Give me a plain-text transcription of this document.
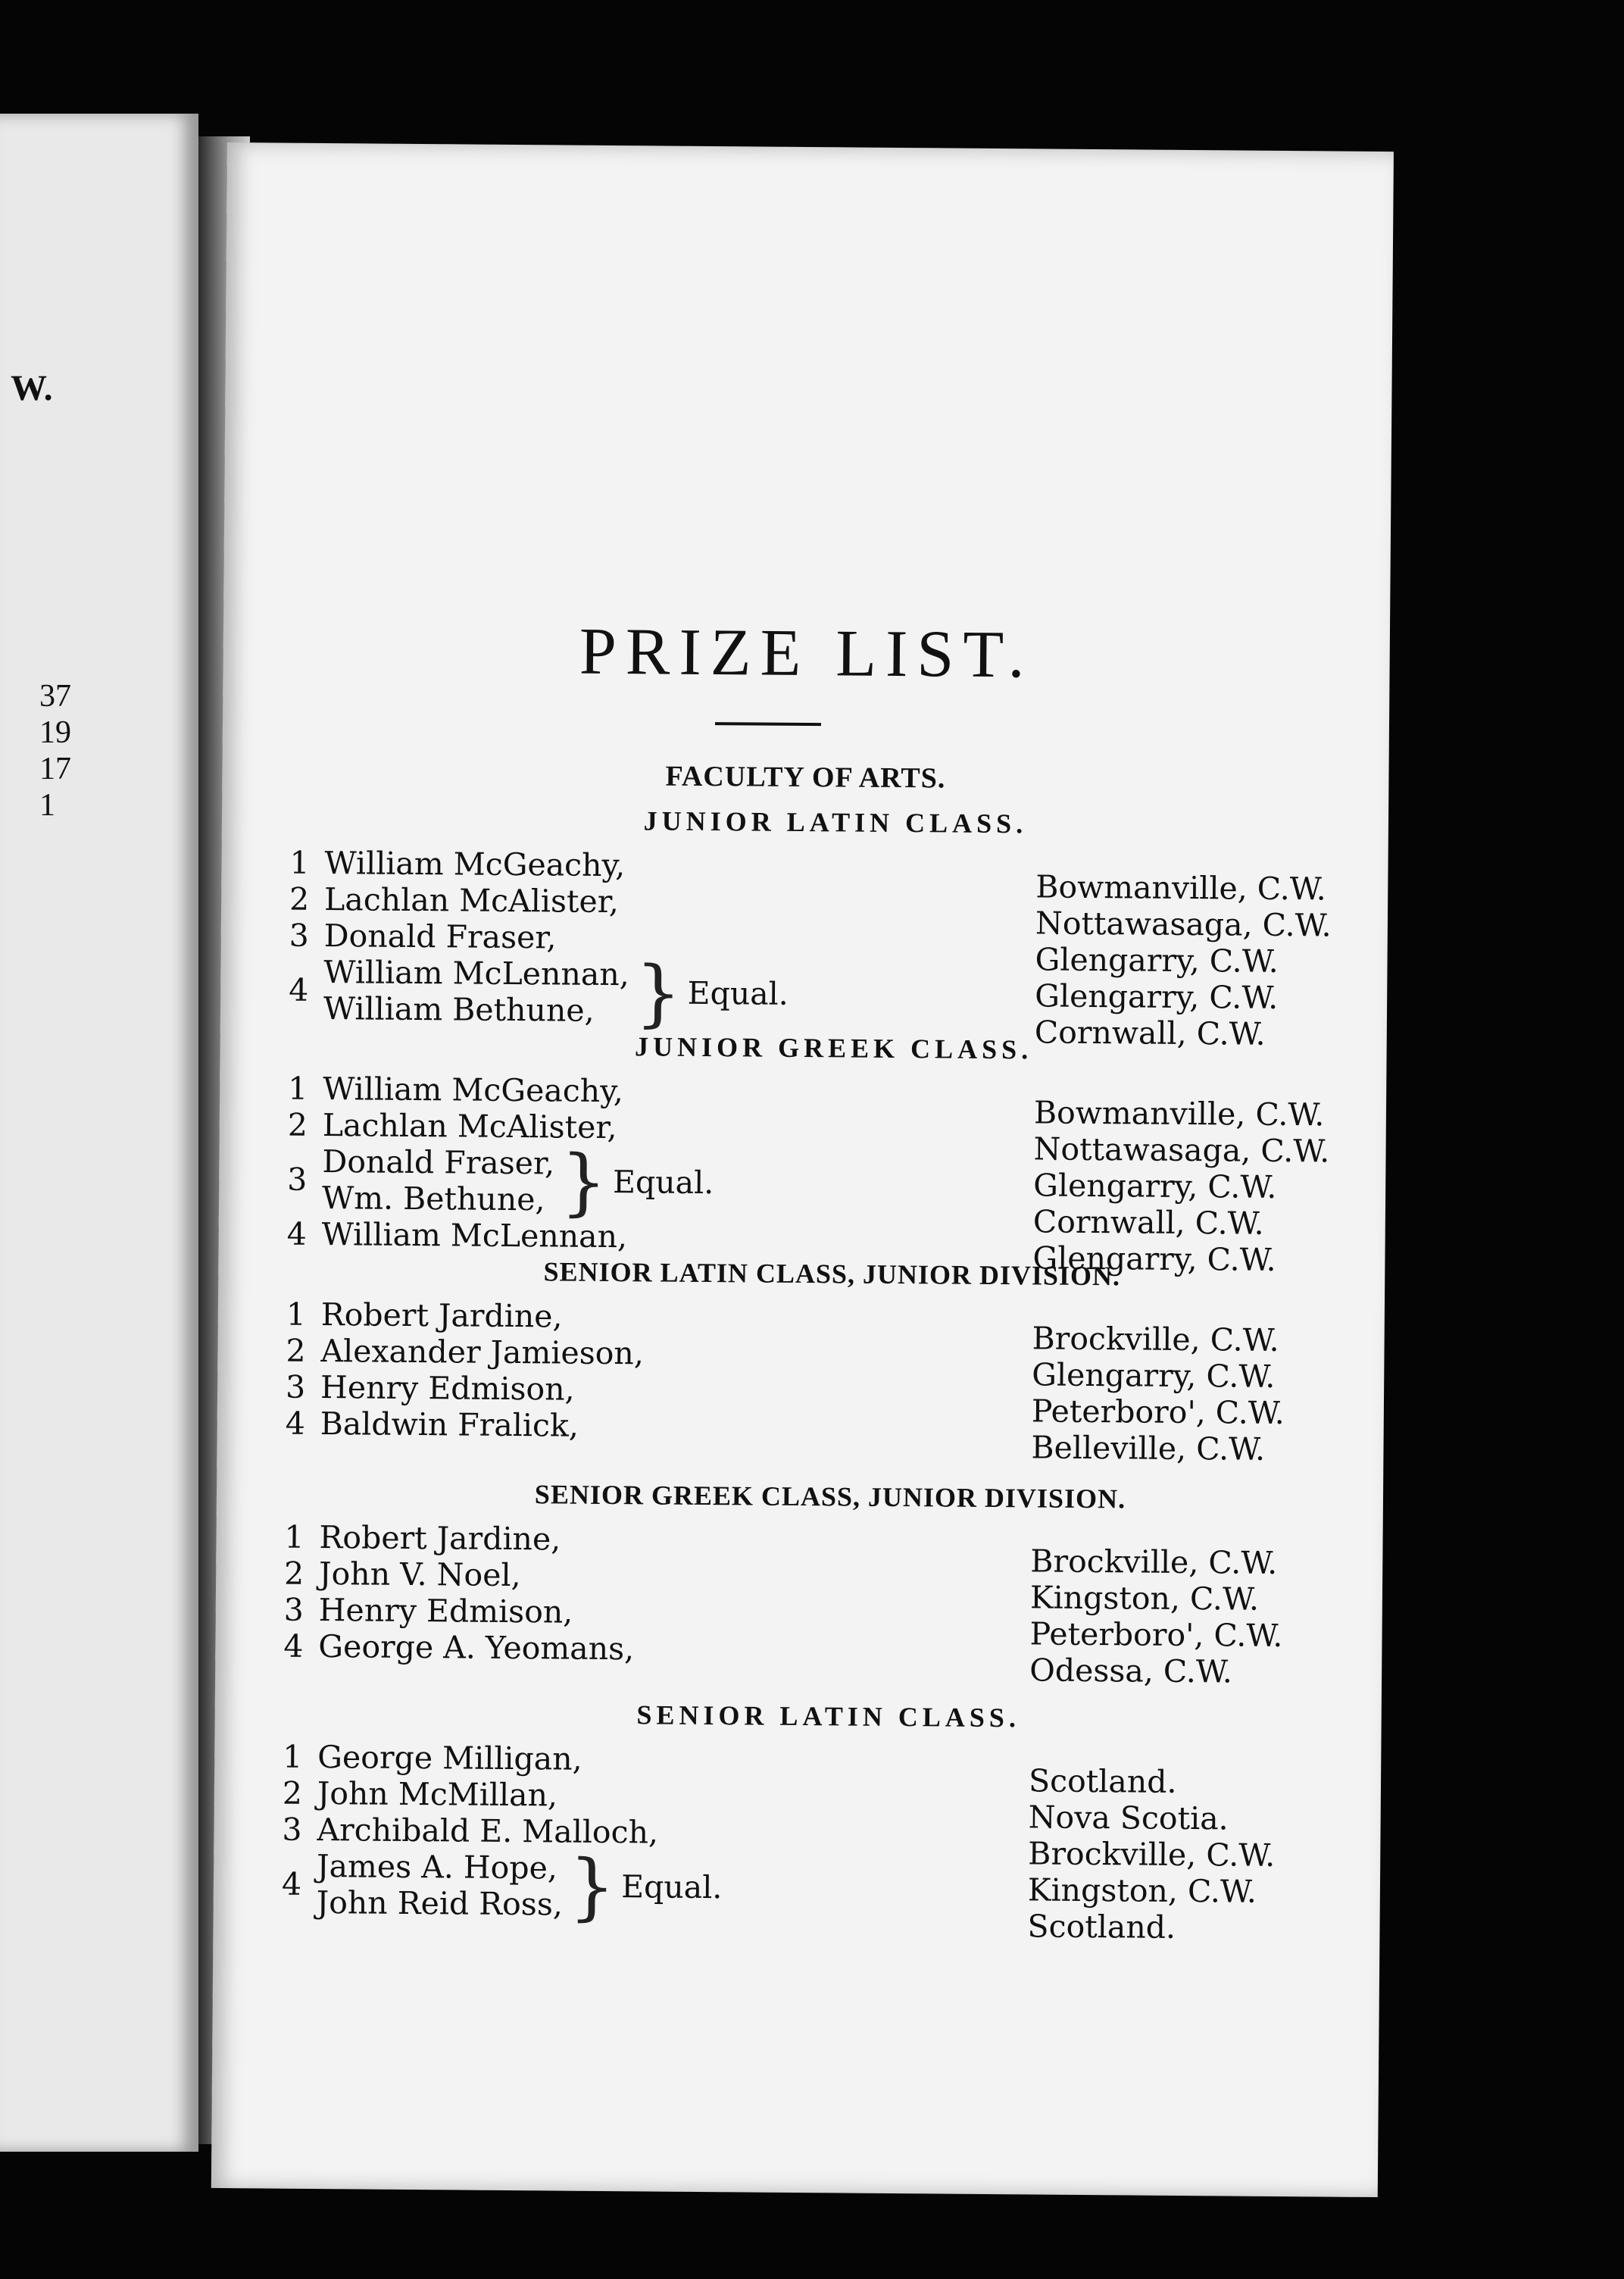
W.
37
19
17
1
PRIZE LIST.
FACULTY OF ARTS.
JUNIOR LATIN CLASS.
1 William McGeachy,
2 Lachlan McAlister,
3 Donald Fraser,
4 William McLennan,
William Bethune, } Equal.
Bowmanville, C.W.
Nottawasaga, C.W.
Glengarry, C.W.
Glengarry, C.W.
Cornwall, C.W.
JUNIOR GREEK CLASS.
1 William McGeachy,
2 Lachlan McAlister,
3 Donald Fraser,
Wm. Bethune, } Equal.
4 William McLennan,
Bowmanville, C.W.
Nottawasaga, C.W.
Glengarry, C.W.
Cornwall, C.W.
Glengarry, C.W.
SENIOR LATIN CLASS, JUNIOR DIVISION.
1 Robert Jardine,
2 Alexander Jamieson,
3 Henry Edmison,
4 Baldwin Fralick,
Brockville, C.W.
Glengarry, C.W.
Peterboro', C.W.
Belleville, C.W.
SENIOR GREEK CLASS, JUNIOR DIVISION.
1 Robert Jardine,
2 John V. Noel,
3 Henry Edmison,
4 George A. Yeomans,
Brockville, C.W.
Kingston, C.W.
Peterboro', C.W.
Odessa, C.W.
SENIOR LATIN CLASS.
1 George Milligan,
2 John McMillan,
3 Archibald E. Malloch,
4 James A. Hope,
John Reid Ross, } Equal.
Scotland.
Nova Scotia.
Brockville, C.W.
Kingston, C.W.
Scotland.
